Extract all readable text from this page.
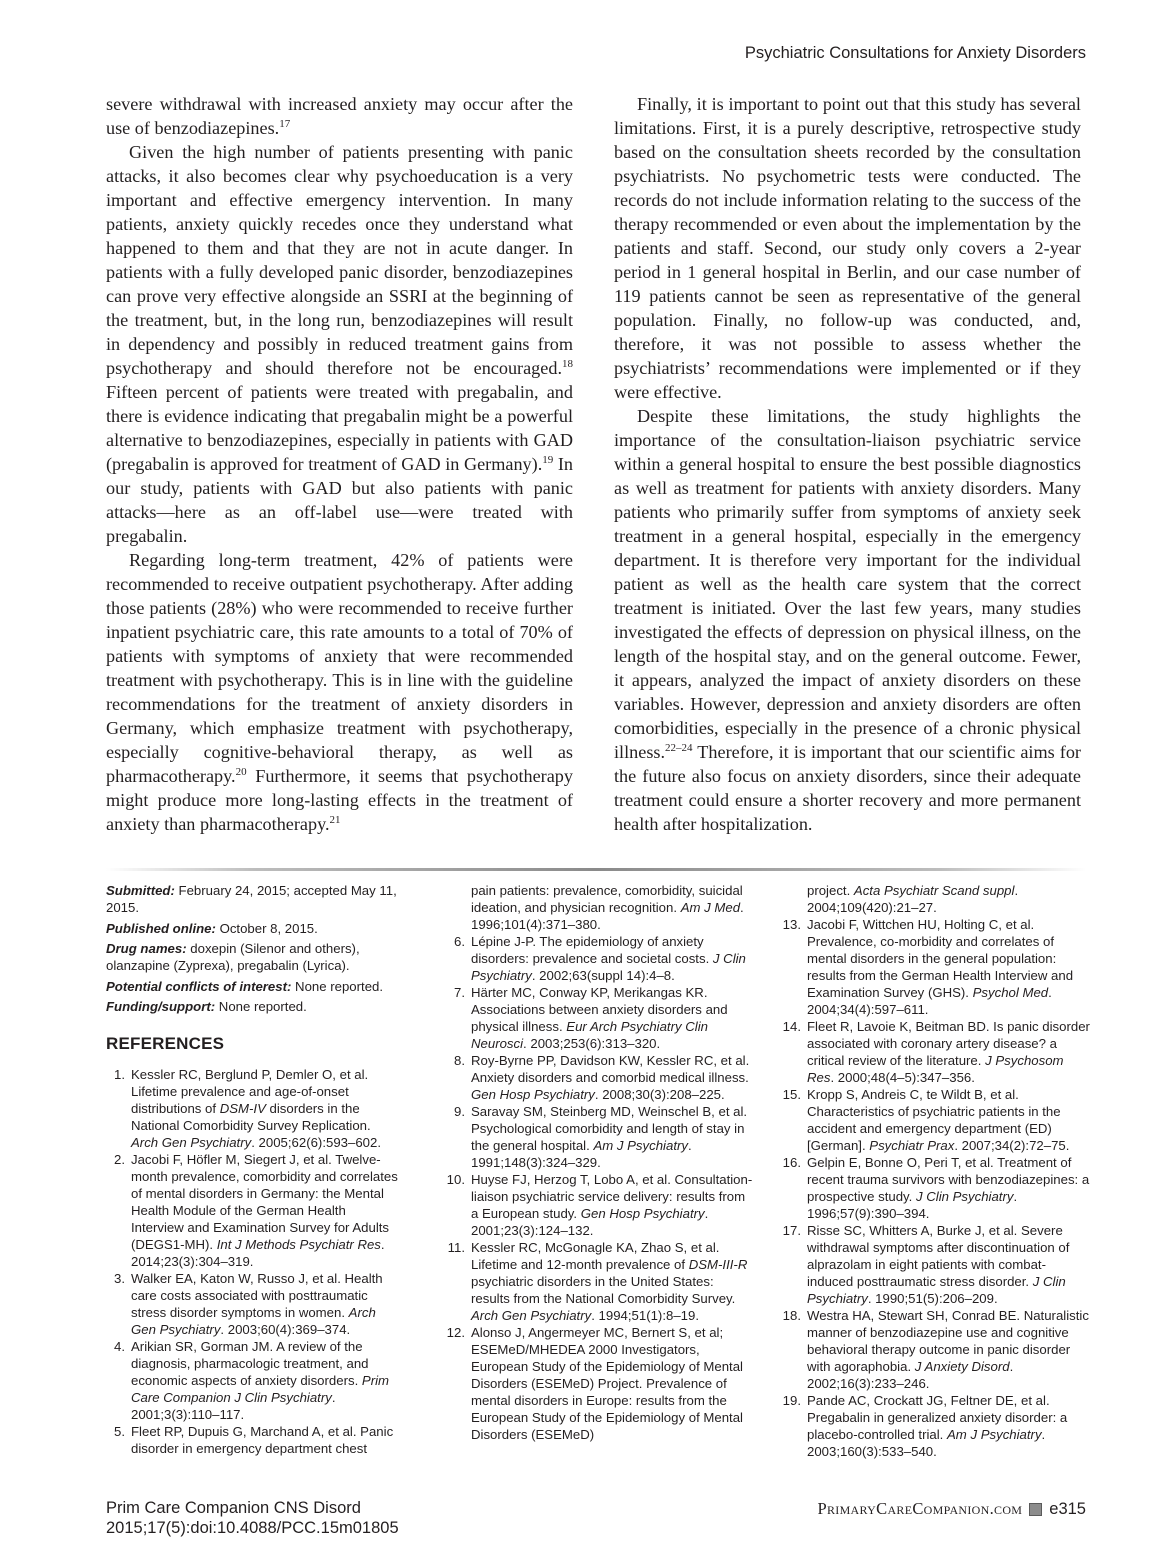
Psychiatric Consultations for Anxiety Disorders

severe withdrawal with increased anxiety may occur after the use of benzodiazepines.$^{17}$

Given the high number of patients presenting with panic attacks, it also becomes clear why psychoeducation is a very important and effective emergency intervention. In many patients, anxiety quickly recedes once they understand what happened to them and that they are not in acute danger. In patients with a fully developed panic disorder, benzodiazepines can prove very effective alongside an SSRI at the beginning of the treatment, but, in the long run, benzodiazepines will result in dependency and possibly in reduced treatment gains from psychotherapy and should therefore not be encouraged.$^{18}$ Fifteen percent of patients were treated with pregabalin, and there is evidence indicating that pregabalin might be a powerful alternative to benzodiazepines, especially in patients with GAD (pregabalin is approved for treatment of GAD in Germany).$^{19}$ In our study, patients with GAD but also patients with panic attacks—here as an off-label use—were treated with pregabalin.

Regarding long-term treatment, 42% of patients were recommended to receive outpatient psychotherapy. After adding those patients (28%) who were recommended to receive further inpatient psychiatric care, this rate amounts to a total of 70% of patients with symptoms of anxiety that were recommended treatment with psychotherapy. This is in line with the guideline recommendations for the treatment of anxiety disorders in Germany, which emphasize treatment with psychotherapy, especially cognitive-behavioral therapy, as well as pharmacotherapy.$^{20}$ Furthermore, it seems that psychotherapy might produce more long-lasting effects in the treatment of anxiety than pharmacotherapy.$^{21}$

Finally, it is important to point out that this study has several limitations. First, it is a purely descriptive, retrospective study based on the consultation sheets recorded by the consultation psychiatrists. No psychometric tests were conducted. The records do not include information relating to the success of the therapy recommended or even about the implementation by the patients and staff. Second, our study only covers a 2-year period in 1 general hospital in Berlin, and our case number of 119 patients cannot be seen as representative of the general population. Finally, no follow-up was conducted, and, therefore, it was not possible to assess whether the psychiatrists’ recommendations were implemented or if they were effective.

Despite these limitations, the study highlights the importance of the consultation-liaison psychiatric service within a general hospital to ensure the best possible diagnostics as well as treatment for patients with anxiety disorders. Many patients who primarily suffer from symptoms of anxiety seek treatment in a general hospital, especially in the emergency department. It is therefore very important for the individual patient as well as the health care system that the correct treatment is initiated. Over the last few years, many studies investigated the effects of depression on physical illness, on the length of the hospital stay, and on the general outcome. Fewer, it appears, analyzed the impact of anxiety disorders on these variables. However, depression and anxiety disorders are often comorbidities, especially in the presence of a chronic physical illness.$^{22-24}$ Therefore, it is important that our scientific aims for the future also focus on anxiety disorders, since their adequate treatment could ensure a shorter recovery and more permanent health after hospitalization.

Submitted: February 24, 2015; accepted May 11, 2015.
Published online: October 8, 2015.
Drug names: doxepin (Silenor and others), olanzapine (Zyprexa), pregabalin (Lyrica).
Potential conflicts of interest: None reported.
Funding/support: None reported.
REFERENCES
1. Kessler RC, Berglund P, Demler O, et al. Lifetime prevalence and age-of-onset distributions of DSM-IV disorders in the National Comorbidity Survey Replication. Arch Gen Psychiatry. 2005;62(6):593–602.
2. Jacobi F, Höfler M, Siegert J, et al. Twelve-month prevalence, comorbidity and correlates of mental disorders in Germany: the Mental Health Module of the German Health Interview and Examination Survey for Adults (DEGS1-MH). Int J Methods Psychiatr Res. 2014;23(3):304–319.
3. Walker EA, Katon W, Russo J, et al. Health care costs associated with posttraumatic stress disorder symptoms in women. Arch Gen Psychiatry. 2003;60(4):369–374.
4. Arikian SR, Gorman JM. A review of the diagnosis, pharmacologic treatment, and economic aspects of anxiety disorders. Prim Care Companion J Clin Psychiatry. 2001;3(3):110–117.
5. Fleet RP, Dupuis G, Marchand A, et al. Panic disorder in emergency department chest
pain patients: prevalence, comorbidity, suicidal ideation, and physician recognition. Am J Med. 1996;101(4):371–380.
6. Lépine J-P. The epidemiology of anxiety disorders: prevalence and societal costs. J Clin Psychiatry. 2002;63(suppl 14):4–8.
7. Härter MC, Conway KP, Merikangas KR. Associations between anxiety disorders and physical illness. Eur Arch Psychiatry Clin Neurosci. 2003;253(6):313–320.
8. Roy-Byrne PP, Davidson KW, Kessler RC, et al. Anxiety disorders and comorbid medical illness. Gen Hosp Psychiatry. 2008;30(3):208–225.
9. Saravay SM, Steinberg MD, Weinschel B, et al. Psychological comorbidity and length of stay in the general hospital. Am J Psychiatry. 1991;148(3):324–329.
10. Huyse FJ, Herzog T, Lobo A, et al. Consultation-liaison psychiatric service delivery: results from a European study. Gen Hosp Psychiatry. 2001;23(3):124–132.
11. Kessler RC, McGonagle KA, Zhao S, et al. Lifetime and 12-month prevalence of DSM-III-R psychiatric disorders in the United States: results from the National Comorbidity Survey. Arch Gen Psychiatry. 1994;51(1):8–19.
12. Alonso J, Angermeyer MC, Bernert S, et al; ESEMeD/MHEDEA 2000 Investigators, European Study of the Epidemiology of Mental Disorders (ESEMeD) Project. Prevalence of mental disorders in Europe: results from the European Study of the Epidemiology of Mental Disorders (ESEMeD)
project. Acta Psychiatr Scand suppl. 2004;109(420):21–27.
13. Jacobi F, Wittchen HU, Holting C, et al. Prevalence, co-morbidity and correlates of mental disorders in the general population: results from the German Health Interview and Examination Survey (GHS). Psychol Med. 2004;34(4):597–611.
14. Fleet R, Lavoie K, Beitman BD. Is panic disorder associated with coronary artery disease? a critical review of the literature. J Psychosom Res. 2000;48(4–5):347–356.
15. Kropp S, Andreis C, te Wildt B, et al. Characteristics of psychiatric patients in the accident and emergency department (ED) [German]. Psychiatr Prax. 2007;34(2):72–75.
16. Gelpin E, Bonne O, Peri T, et al. Treatment of recent trauma survivors with benzodiazepines: a prospective study. J Clin Psychiatry. 1996;57(9):390–394.
17. Risse SC, Whitters A, Burke J, et al. Severe withdrawal symptoms after discontinuation of alprazolam in eight patients with combat-induced posttraumatic stress disorder. J Clin Psychiatry. 1990;51(5):206–209.
18. Westra HA, Stewart SH, Conrad BE. Naturalistic manner of benzodiazepine use and cognitive behavioral therapy outcome in panic disorder with agoraphobia. J Anxiety Disord. 2002;16(3):233–246.
19. Pande AC, Crockatt JG, Feltner DE, et al. Pregabalin in generalized anxiety disorder: a placebo-controlled trial. Am J Psychiatry. 2003;160(3):533–540.
Prim Care Companion CNS Disord
2015;17(5):doi:10.4088/PCC.15m01805
PrimaryCareCompanion.com e315
